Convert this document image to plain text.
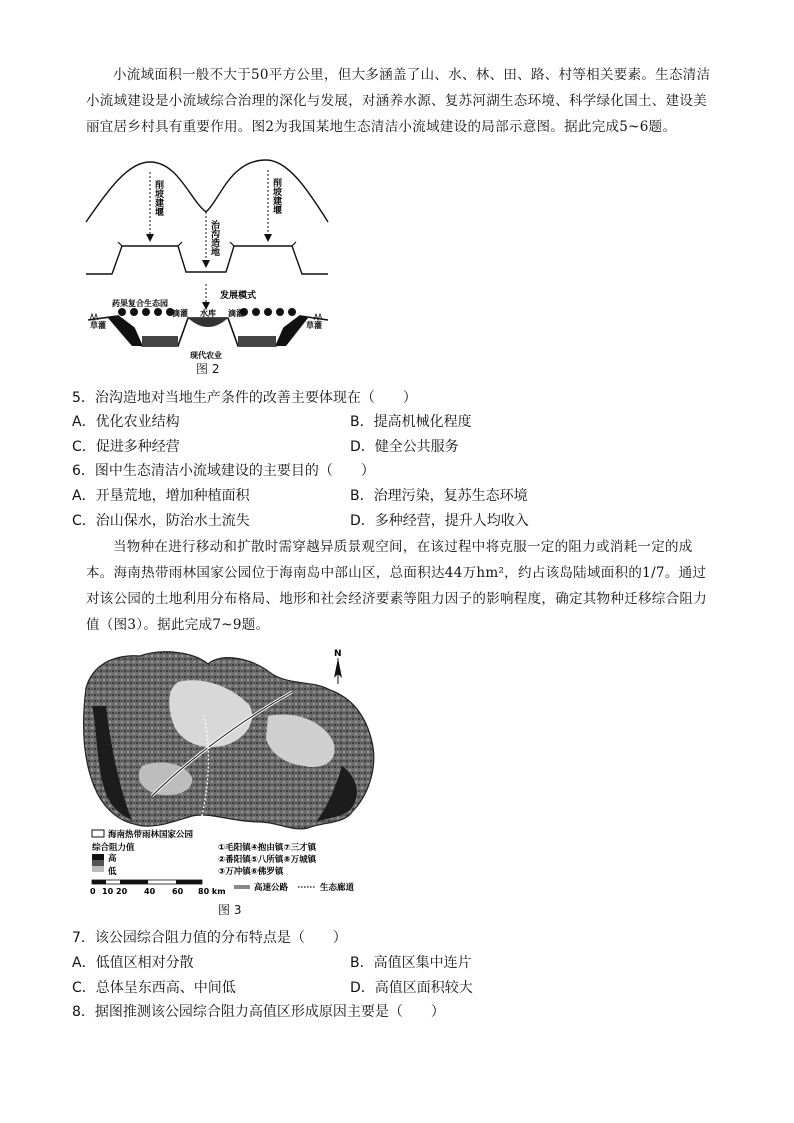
小流域面积一般不大于50平方公里，但大多涵盖了山、水、林、田、路、村等相关要素。生态清洁小流域建设是小流域综合治理的深化与发展，对涵养水源、复苏河湖生态环境、科学绿化国土、建设美丽宜居乡村具有重要作用。图2为我国某地生态清洁小流域建设的局部示意图。据此完成5~6题。

削坡建堰
治沟造地
削坡建堰
发展模式
药果复合生态园
草灌	草灌
滴灌 水库 滴灌
滴灌
现代农业
图 2

5．治沟造地对当地生产条件的改善主要体现在（　　）

A．优化农业结构	B．提高机械化程度

C．促进多种经营	D．健全公共服务

6．图中生态清洁小流域建设的主要目的（　　）

A．开垦荒地，增加种植面积	B．治理污染，复苏生态环境

C．治山保水，防治水土流失	D．多种经营，提升人均收入

当物种在进行移动和扩散时需穿越异质景观空间，在该过程中将克服一定的阻力或消耗一定的成本。海南热带雨林国家公园位于海南岛中部山区，总面积达44万hm²，约占该岛陆域面积的1/7。通过对该公园的土地利用分布格局、地形和社会经济要素等阻力因子的影响程度，确定其物种迁移综合阻力值（图3）。据此完成7~9题。

N
海南热带雨林国家公园
综合阻力值
高
低
①毛阳镇④抱由镇⑦三才镇
②番阳镇⑤八所镇⑧万城镇
③万冲镇⑥佛罗镇
0 10 20 40 60 80 km	高速公路	生态廊道
图 3

7．该公园综合阻力值的分布特点是（　　）

A．低值区相对分散	B．高值区集中连片

C．总体呈东西高、中间低	D．高值区面积较大

8．据图推测该公园综合阻力高值区形成原因主要是（　　）
